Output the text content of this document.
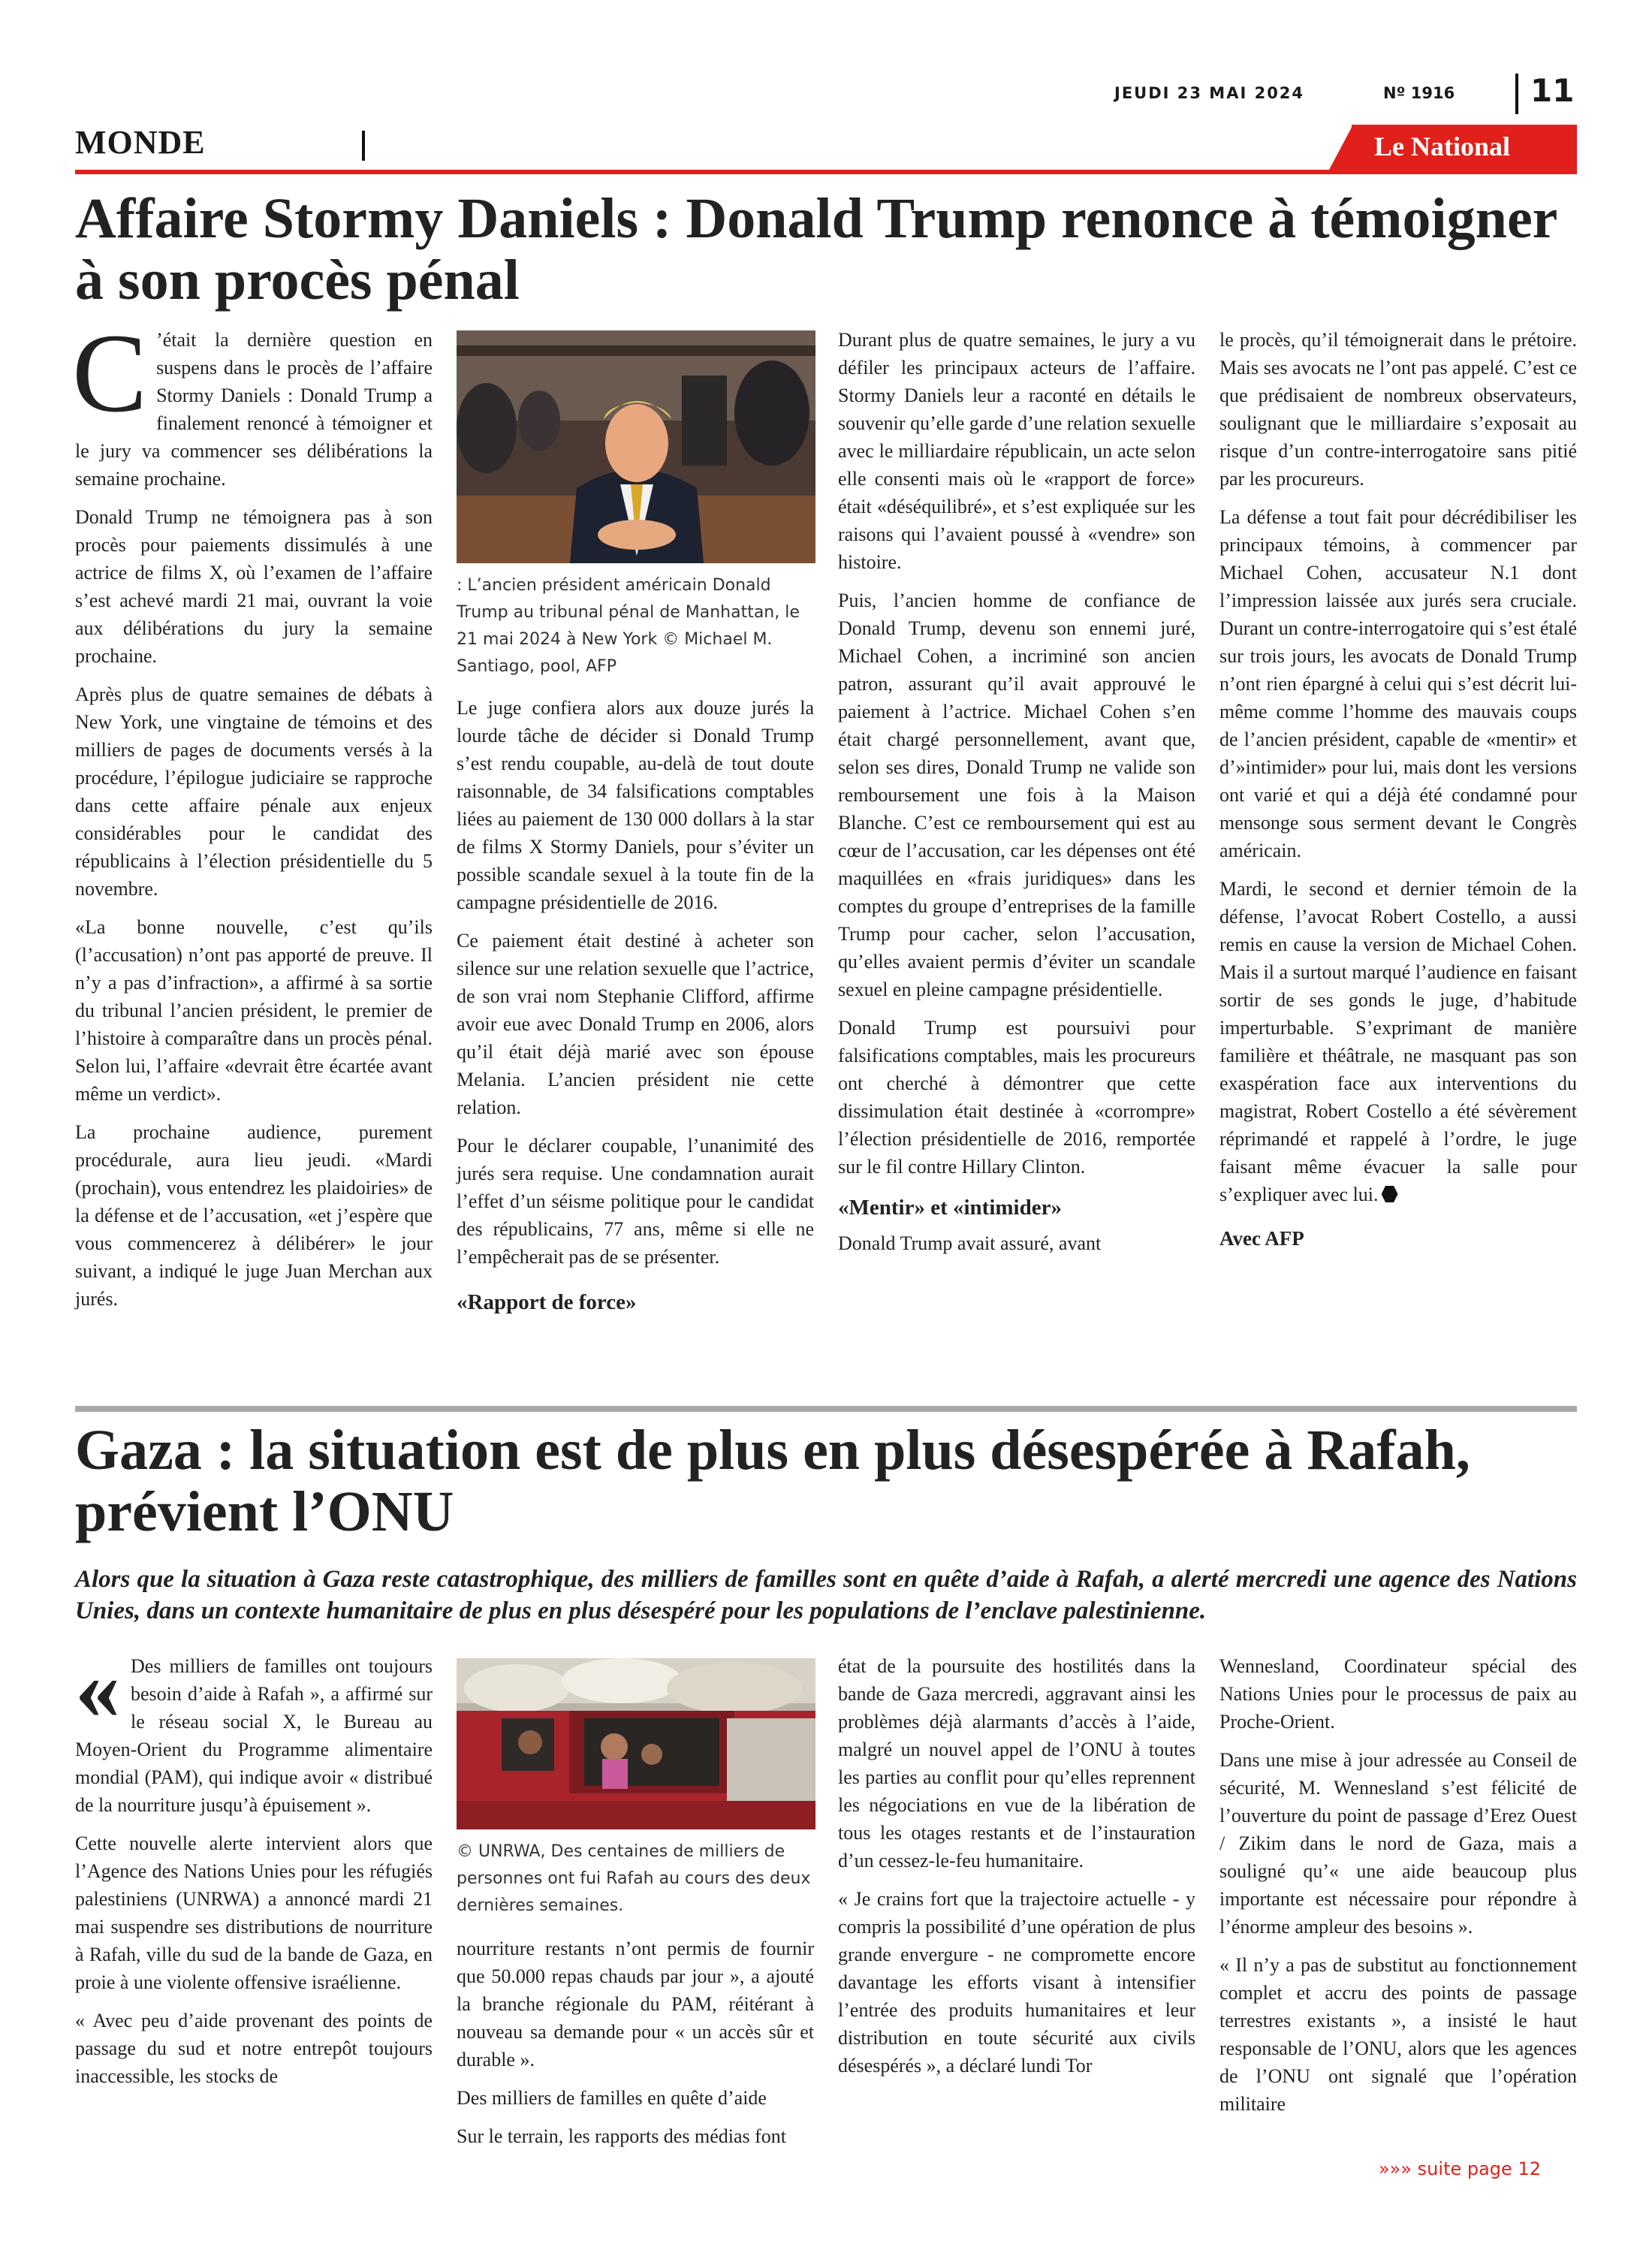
JEUDI 23 MAI 2024	Nº 1916 11
MONDE	Le National
Affaire Stormy Daniels : Donald Trump renonce à témoigner à son procès pénal

C ’était la dernière question en suspens dans le procès de l’affaire Stormy Daniels : Donald Trump a finalement renoncé à témoigner et le jury va commencer ses délibérations la semaine prochaine.

Donald Trump ne témoignera pas à son procès pour paiements dissimulés à une actrice de films X, où l’examen de l’affaire s’est achevé mardi 21 mai, ouvrant la voie aux délibérations du jury la semaine prochaine.

Après plus de quatre semaines de débats à New York, une vingtaine de témoins et des milliers de pages de documents versés à la procédure, l’épilogue judiciaire se rapproche dans cette affaire pénale aux enjeux considérables pour le candidat des républicains à l’élection présidentielle du 5 novembre.

«La bonne nouvelle, c’est qu’ils (l’accusation) n’ont pas apporté de preuve. Il n’y a pas d’infraction», a affirmé à sa sortie du tribunal l’ancien président, le premier de l’histoire à comparaître dans un procès pénal. Selon lui, l’affaire «devrait être écartée avant même un verdict».

La prochaine audience, purement procédurale, aura lieu jeudi. «Mardi (prochain), vous entendrez les plaidoiries» de la défense et de l’accusation, «et j’espère que vous commencerez à délibérer» le jour suivant, a indiqué le juge Juan Merchan aux jurés.

: L’ancien président américain Donald Trump au tribunal pénal de Manhattan, le 21 mai 2024 à New York © Michael M. Santiago, pool, AFP

Le juge confiera alors aux douze jurés la lourde tâche de décider si Donald Trump s’est rendu coupable, au-delà de tout doute raisonnable, de 34 falsifications comptables liées au paiement de 130 000 dollars à la star de films X Stormy Daniels, pour s’éviter un possible scandale sexuel à la toute fin de la campagne présidentielle de 2016.

Ce paiement était destiné à acheter son silence sur une relation sexuelle que l’actrice, de son vrai nom Stephanie Clifford, affirme avoir eue avec Donald Trump en 2006, alors qu’il était déjà marié avec son épouse Melania. L’ancien président nie cette relation.

Pour le déclarer coupable, l’unanimité des jurés sera requise. Une condamnation aurait l’effet d’un séisme politique pour le candidat des républicains, 77 ans, même si elle ne l’empêcherait pas de se présenter.

«Rapport de force»

Durant plus de quatre semaines, le jury a vu défiler les principaux acteurs de l’affaire. Stormy Daniels leur a raconté en détails le souvenir qu’elle garde d’une relation sexuelle avec le milliardaire républicain, un acte selon elle consenti mais où le «rapport de force» était «déséquilibré», et s’est expliquée sur les raisons qui l’avaient poussé à «vendre» son histoire.

Puis, l’ancien homme de confiance de Donald Trump, devenu son ennemi juré, Michael Cohen, a incriminé son ancien patron, assurant qu’il avait approuvé le paiement à l’actrice. Michael Cohen s’en était chargé personnellement, avant que, selon ses dires, Donald Trump ne valide son remboursement une fois à la Maison Blanche. C’est ce remboursement qui est au cœur de l’accusation, car les dépenses ont été maquillées en «frais juridiques» dans les comptes du groupe d’entreprises de la famille Trump pour cacher, selon l’accusation, qu’elles avaient permis d’éviter un scandale sexuel en pleine campagne présidentielle.

Donald Trump est poursuivi pour falsifications comptables, mais les procureurs ont cherché à démontrer que cette dissimulation était destinée à «corrompre» l’élection présidentielle de 2016, remportée sur le fil contre Hillary Clinton.

«Mentir» et «intimider»

Donald Trump avait assuré, avant

le procès, qu’il témoignerait dans le prétoire. Mais ses avocats ne l’ont pas appelé. C’est ce que prédisaient de nombreux observateurs, soulignant que le milliardaire s’exposait au risque d’un contre-interrogatoire sans pitié par les procureurs.

La défense a tout fait pour décrédibiliser les principaux témoins, à commencer par Michael Cohen, accusateur N.1 dont l’impression laissée aux jurés sera cruciale. Durant un contre-interrogatoire qui s’est étalé sur trois jours, les avocats de Donald Trump n’ont rien épargné à celui qui s’est décrit lui-même comme l’homme des mauvais coups de l’ancien président, capable de «mentir» et d’»intimider» pour lui, mais dont les versions ont varié et qui a déjà été condamné pour mensonge sous serment devant le Congrès américain.

Mardi, le second et dernier témoin de la défense, l’avocat Robert Costello, a aussi remis en cause la version de Michael Cohen. Mais il a surtout marqué l’audience en faisant sortir de ses gonds le juge, d’habitude imperturbable. S’exprimant de manière familière et théâtrale, ne masquant pas son exaspération face aux interventions du magistrat, Robert Costello a été sévèrement réprimandé et rappelé à l’ordre, le juge faisant même évacuer la salle pour s’expliquer avec lui.

Avec AFP
Gaza : la situation est de plus en plus désespérée à Rafah, prévient l’ONU
Alors que la situation à Gaza reste catastrophique, des milliers de familles sont en quête d’aide à Rafah, a alerté mercredi une agence des Nations Unies, dans un contexte humanitaire de plus en plus désespéré pour les populations de l’enclave palestinienne.

« Des milliers de familles ont toujours besoin d’aide à Rafah », a affirmé sur le réseau social X, le Bureau au Moyen-Orient du Programme alimentaire mondial (PAM), qui indique avoir « distribué de la nourriture jusqu’à épuisement ».

Cette nouvelle alerte intervient alors que l’Agence des Nations Unies pour les réfugiés palestiniens (UNRWA) a annoncé mardi 21 mai suspendre ses distributions de nourriture à Rafah, ville du sud de la bande de Gaza, en proie à une violente offensive israélienne.

« Avec peu d’aide provenant des points de passage du sud et notre entrepôt toujours inaccessible, les stocks de

© UNRWA, Des centaines de milliers de personnes ont fui Rafah au cours des deux dernières semaines.

nourriture restants n’ont permis de fournir que 50.000 repas chauds par jour », a ajouté la branche régionale du PAM, réitérant à nouveau sa demande pour « un accès sûr et durable ».

Des milliers de familles en quête d’aide

Sur le terrain, les rapports des médias font

état de la poursuite des hostilités dans la bande de Gaza mercredi, aggravant ainsi les problèmes déjà alarmants d’accès à l’aide, malgré un nouvel appel de l’ONU à toutes les parties au conflit pour qu’elles reprennent les négociations en vue de la libération de tous les otages restants et de l’instauration d’un cessez-le-feu humanitaire.

« Je crains fort que la trajectoire actuelle - y compris la possibilité d’une opération de plus grande envergure - ne compromette encore davantage les efforts visant à intensifier l’entrée des produits humanitaires et leur distribution en toute sécurité aux civils désespérés », a déclaré lundi Tor

Wennesland, Coordinateur spécial des Nations Unies pour le processus de paix au Proche-Orient.

Dans une mise à jour adressée au Conseil de sécurité, M. Wennesland s’est félicité de l’ouverture du point de passage d’Erez Ouest / Zikim dans le nord de Gaza, mais a souligné qu’« une aide beaucoup plus importante est nécessaire pour répondre à l’énorme ampleur des besoins ».

« Il n’y a pas de substitut au fonctionnement complet et accru des points de passage terrestres existants », a insisté le haut responsable de l’ONU, alors que les agences de l’ONU ont signalé que l’opération militaire

»»» suite page 12
